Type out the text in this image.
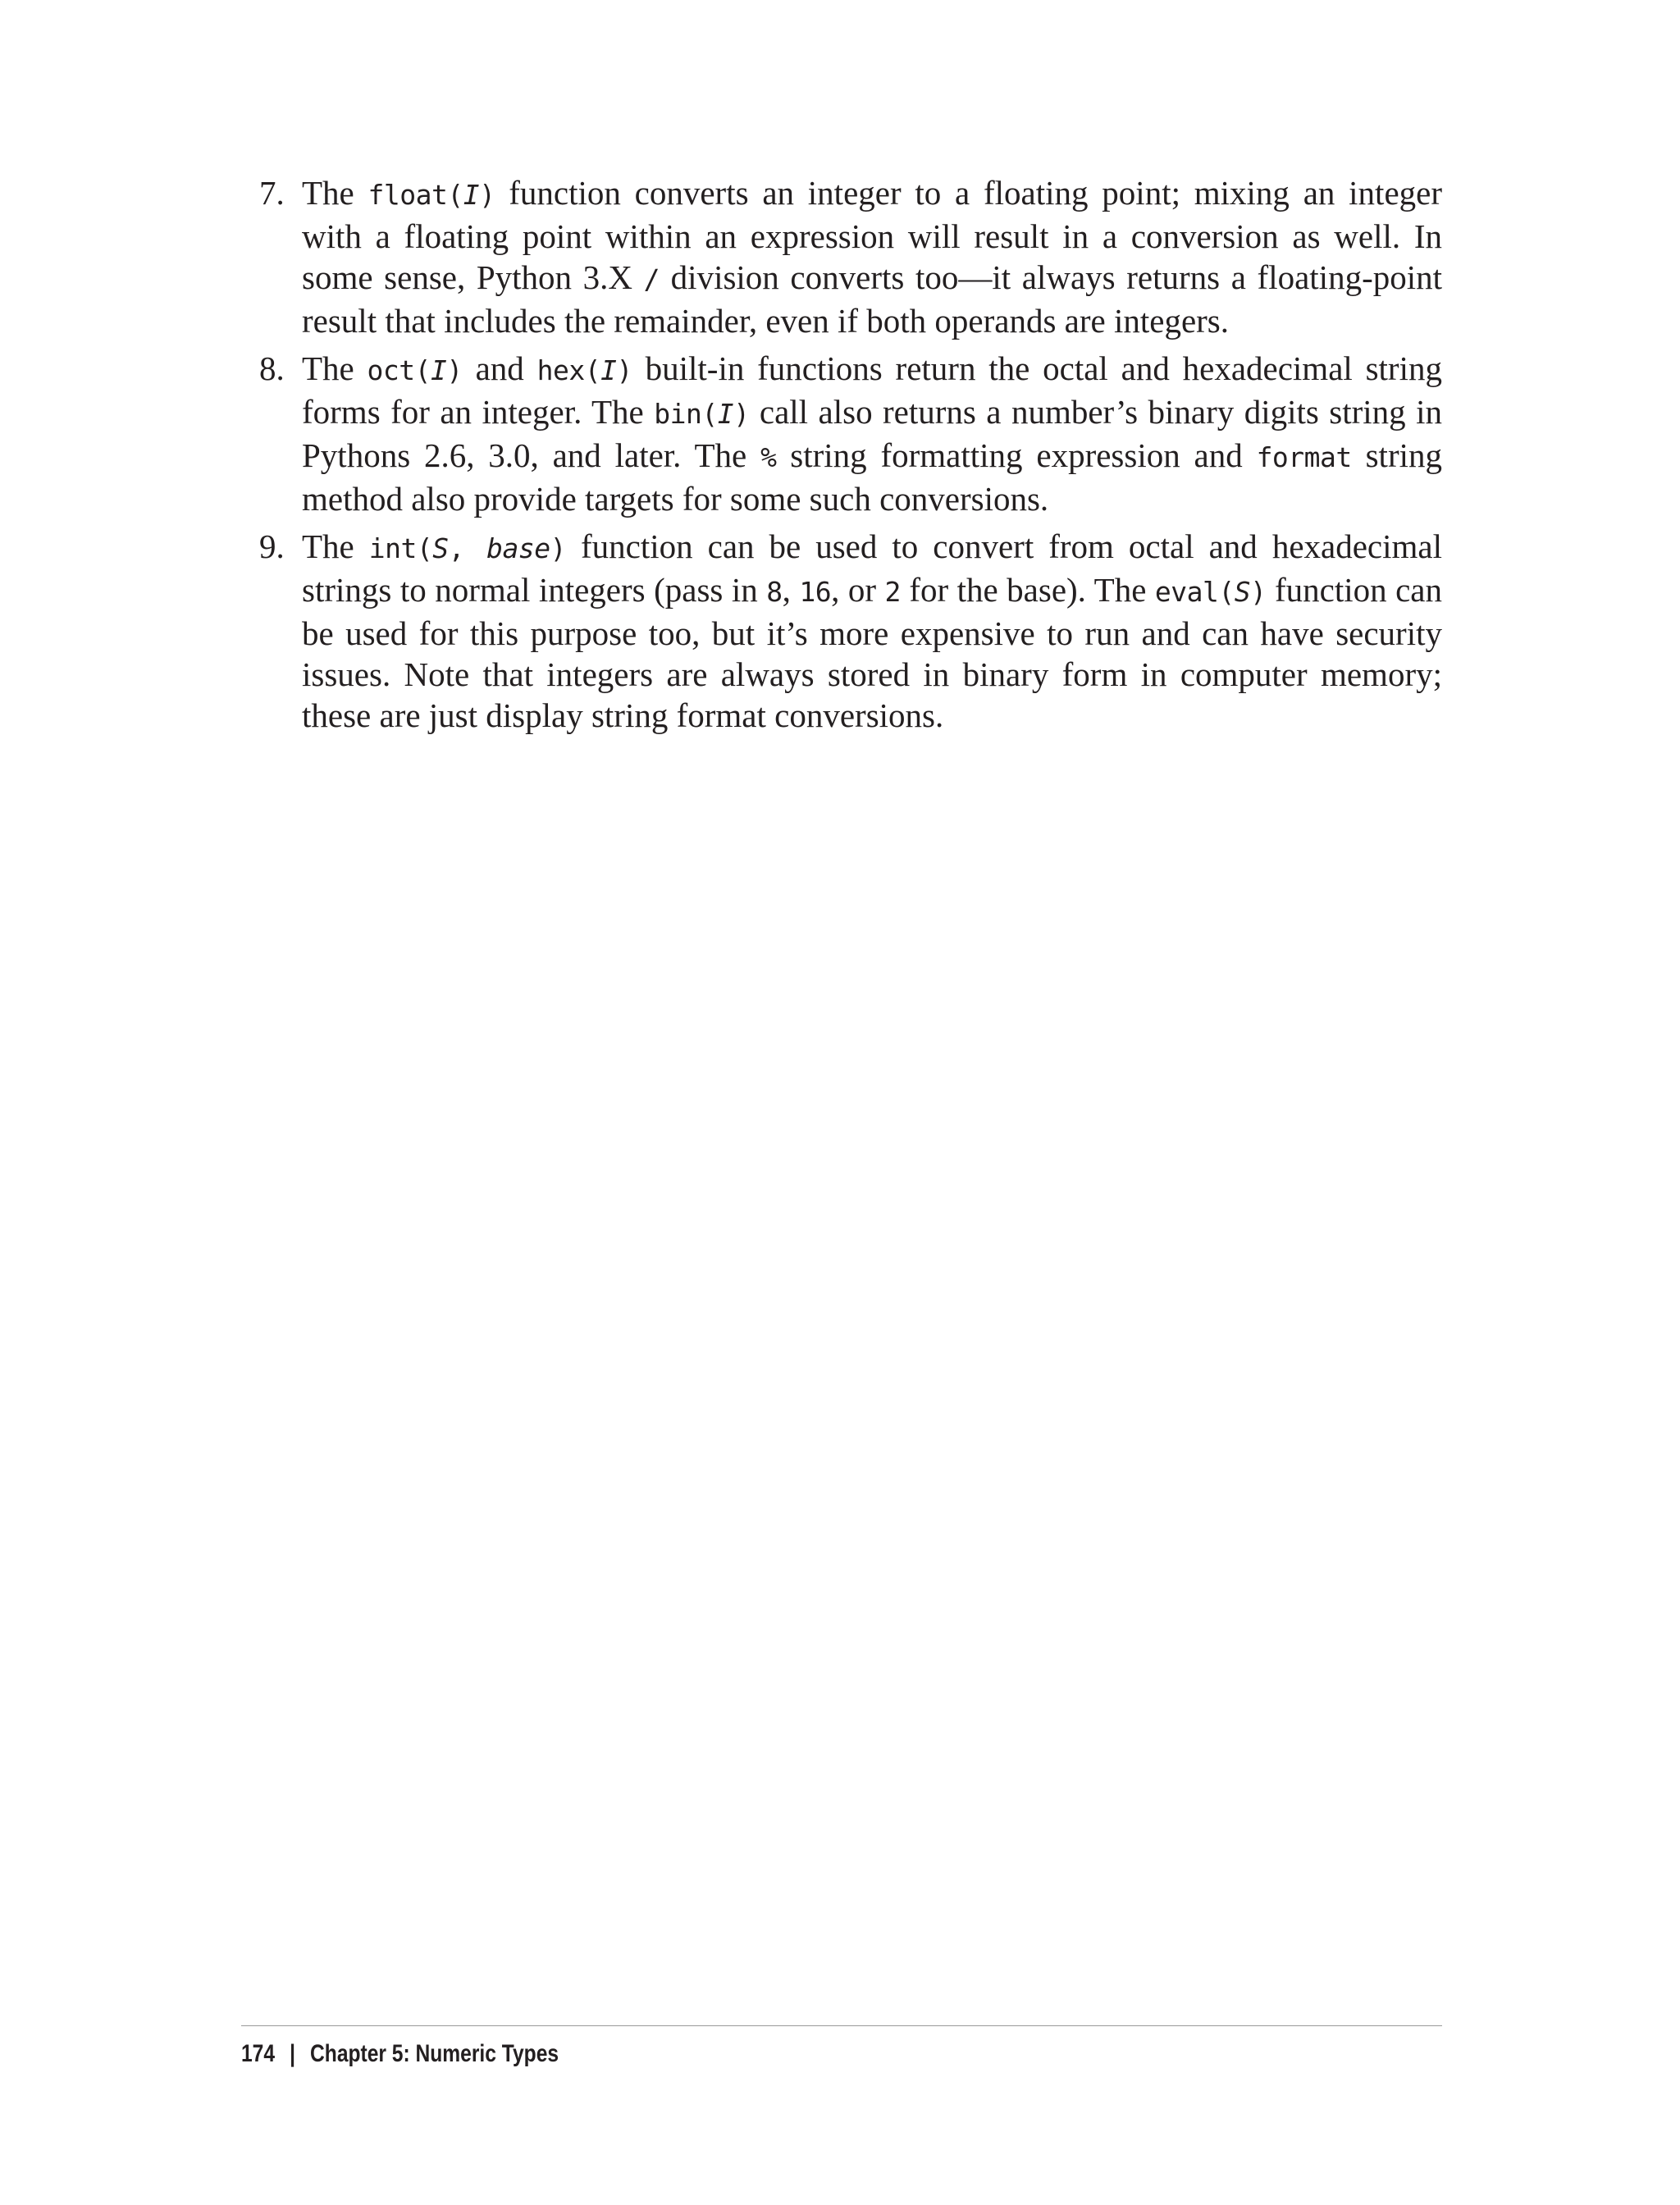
7. The float(I) function converts an integer to a floating point; mixing an integer with a floating point within an expression will result in a conversion as well. In some sense, Python 3.X / division converts too—it always returns a floating-point result that includes the remainder, even if both operands are integers.
8. The oct(I) and hex(I) built-in functions return the octal and hexadecimal string forms for an integer. The bin(I) call also returns a number’s binary digits string in Pythons 2.6, 3.0, and later. The % string formatting expression and format string method also provide targets for some such conversions.
9. The int(S, base) function can be used to convert from octal and hexadecimal strings to normal integers (pass in 8, 16, or 2 for the base). The eval(S) function can be used for this purpose too, but it’s more expensive to run and can have security issues. Note that integers are always stored in binary form in computer memory; these are just display string format conversions.
174 | Chapter 5: Numeric Types
